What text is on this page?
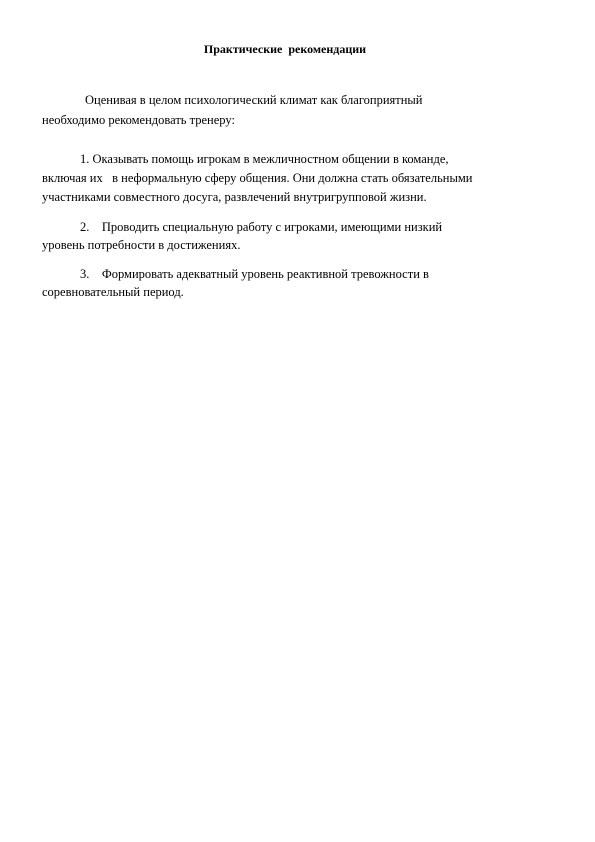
Практические  рекомендации
Оценивая в целом психологический климат как благоприятный
необходимо рекомендовать тренеру:
1. Оказывать помощь игрокам в межличностном общении в команде,
включая их   в неформальную сферу общения. Они должна стать обязательными
участниками совместного досуга, развлечений внутригрупповой жизни.
2.    Проводить специальную работу с игроками, имеющими низкий
уровень потребности в достижениях.
3.    Формировать адекватный уровень реактивной тревожности в
соревновательный период.
